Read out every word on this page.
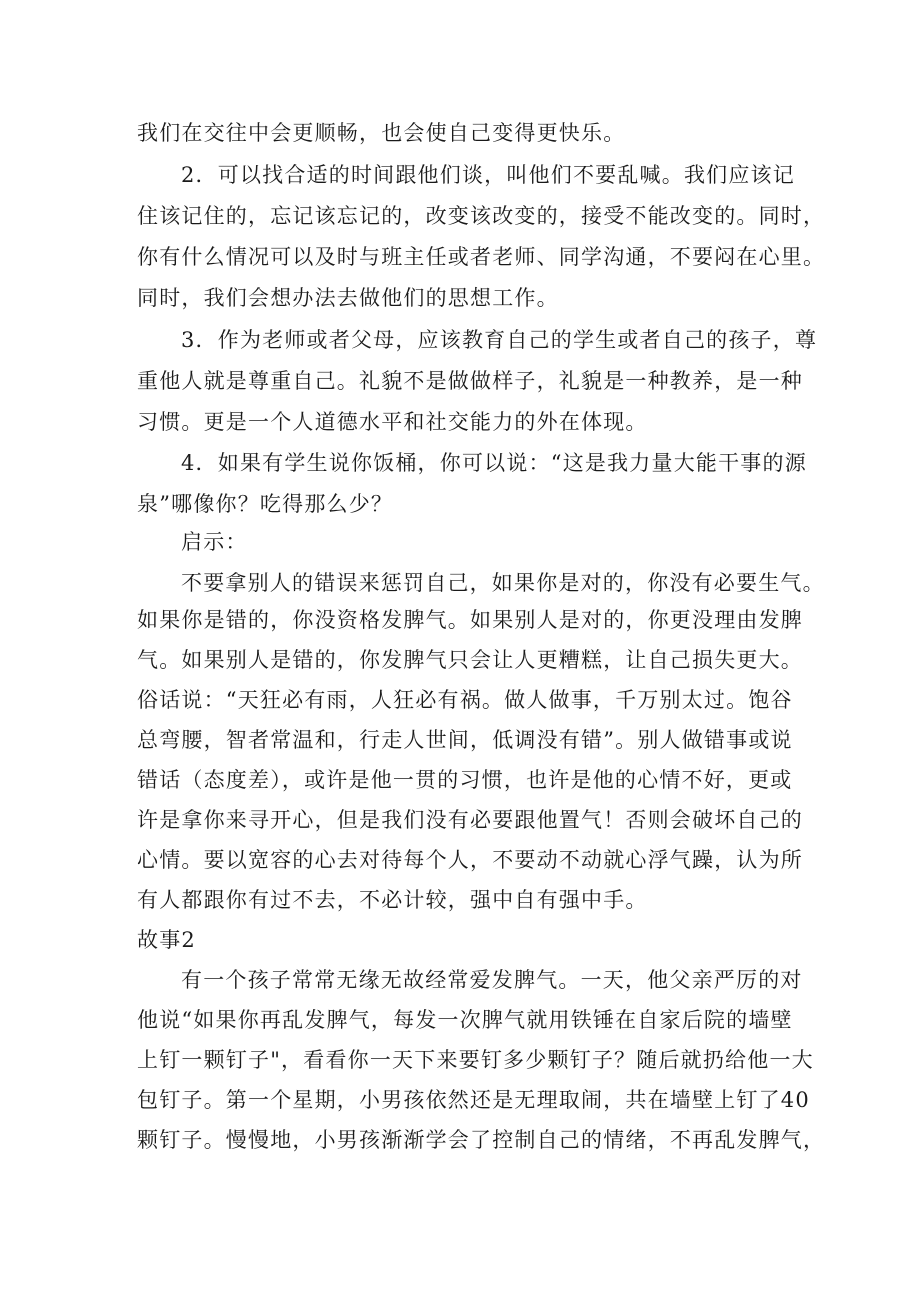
我们在交往中会更顺畅，也会使自己变得更快乐。
2．可以找合适的时间跟他们谈，叫他们不要乱喊。我们应该记
住该记住的，忘记该忘记的，改变该改变的，接受不能改变的。同时，
你有什么情况可以及时与班主任或者老师、同学沟通，不要闷在心里。
同时，我们会想办法去做他们的思想工作。
3．作为老师或者父母，应该教育自己的学生或者自己的孩子，尊
重他人就是尊重自己。礼貌不是做做样子，礼貌是一种教养，是一种
习惯。更是一个人道德水平和社交能力的外在体现。
4．如果有学生说你饭桶，你可以说：“这是我力量大能干事的源
泉”哪像你？吃得那么少？
启示：
不要拿别人的错误来惩罚自己，如果你是对的，你没有必要生气。
如果你是错的，你没资格发脾气。如果别人是对的，你更没理由发脾
气。如果别人是错的，你发脾气只会让人更糟糕，让自己损失更大。
俗话说：“天狂必有雨，人狂必有祸。做人做事，千万别太过。饱谷
总弯腰，智者常温和，行走人世间，低调没有错”。别人做错事或说
错话（态度差），或许是他一贯的习惯，也许是他的心情不好，更或
许是拿你来寻开心，但是我们没有必要跟他置气！否则会破坏自己的
心情。要以宽容的心去对待每个人，不要动不动就心浮气躁，认为所
有人都跟你有过不去，不必计较，强中自有强中手。
故事2
有一个孩子常常无缘无故经常爱发脾气。一天，他父亲严厉的对
他说“如果你再乱发脾气，每发一次脾气就用铁锤在自家后院的墙壁
上钉一颗钉子"，看看你一天下来要钉多少颗钉子？随后就扔给他一大
包钉子。第一个星期，小男孩依然还是无理取闹，共在墙壁上钉了40
颗钉子。慢慢地，小男孩渐渐学会了控制自己的情绪，不再乱发脾气，
